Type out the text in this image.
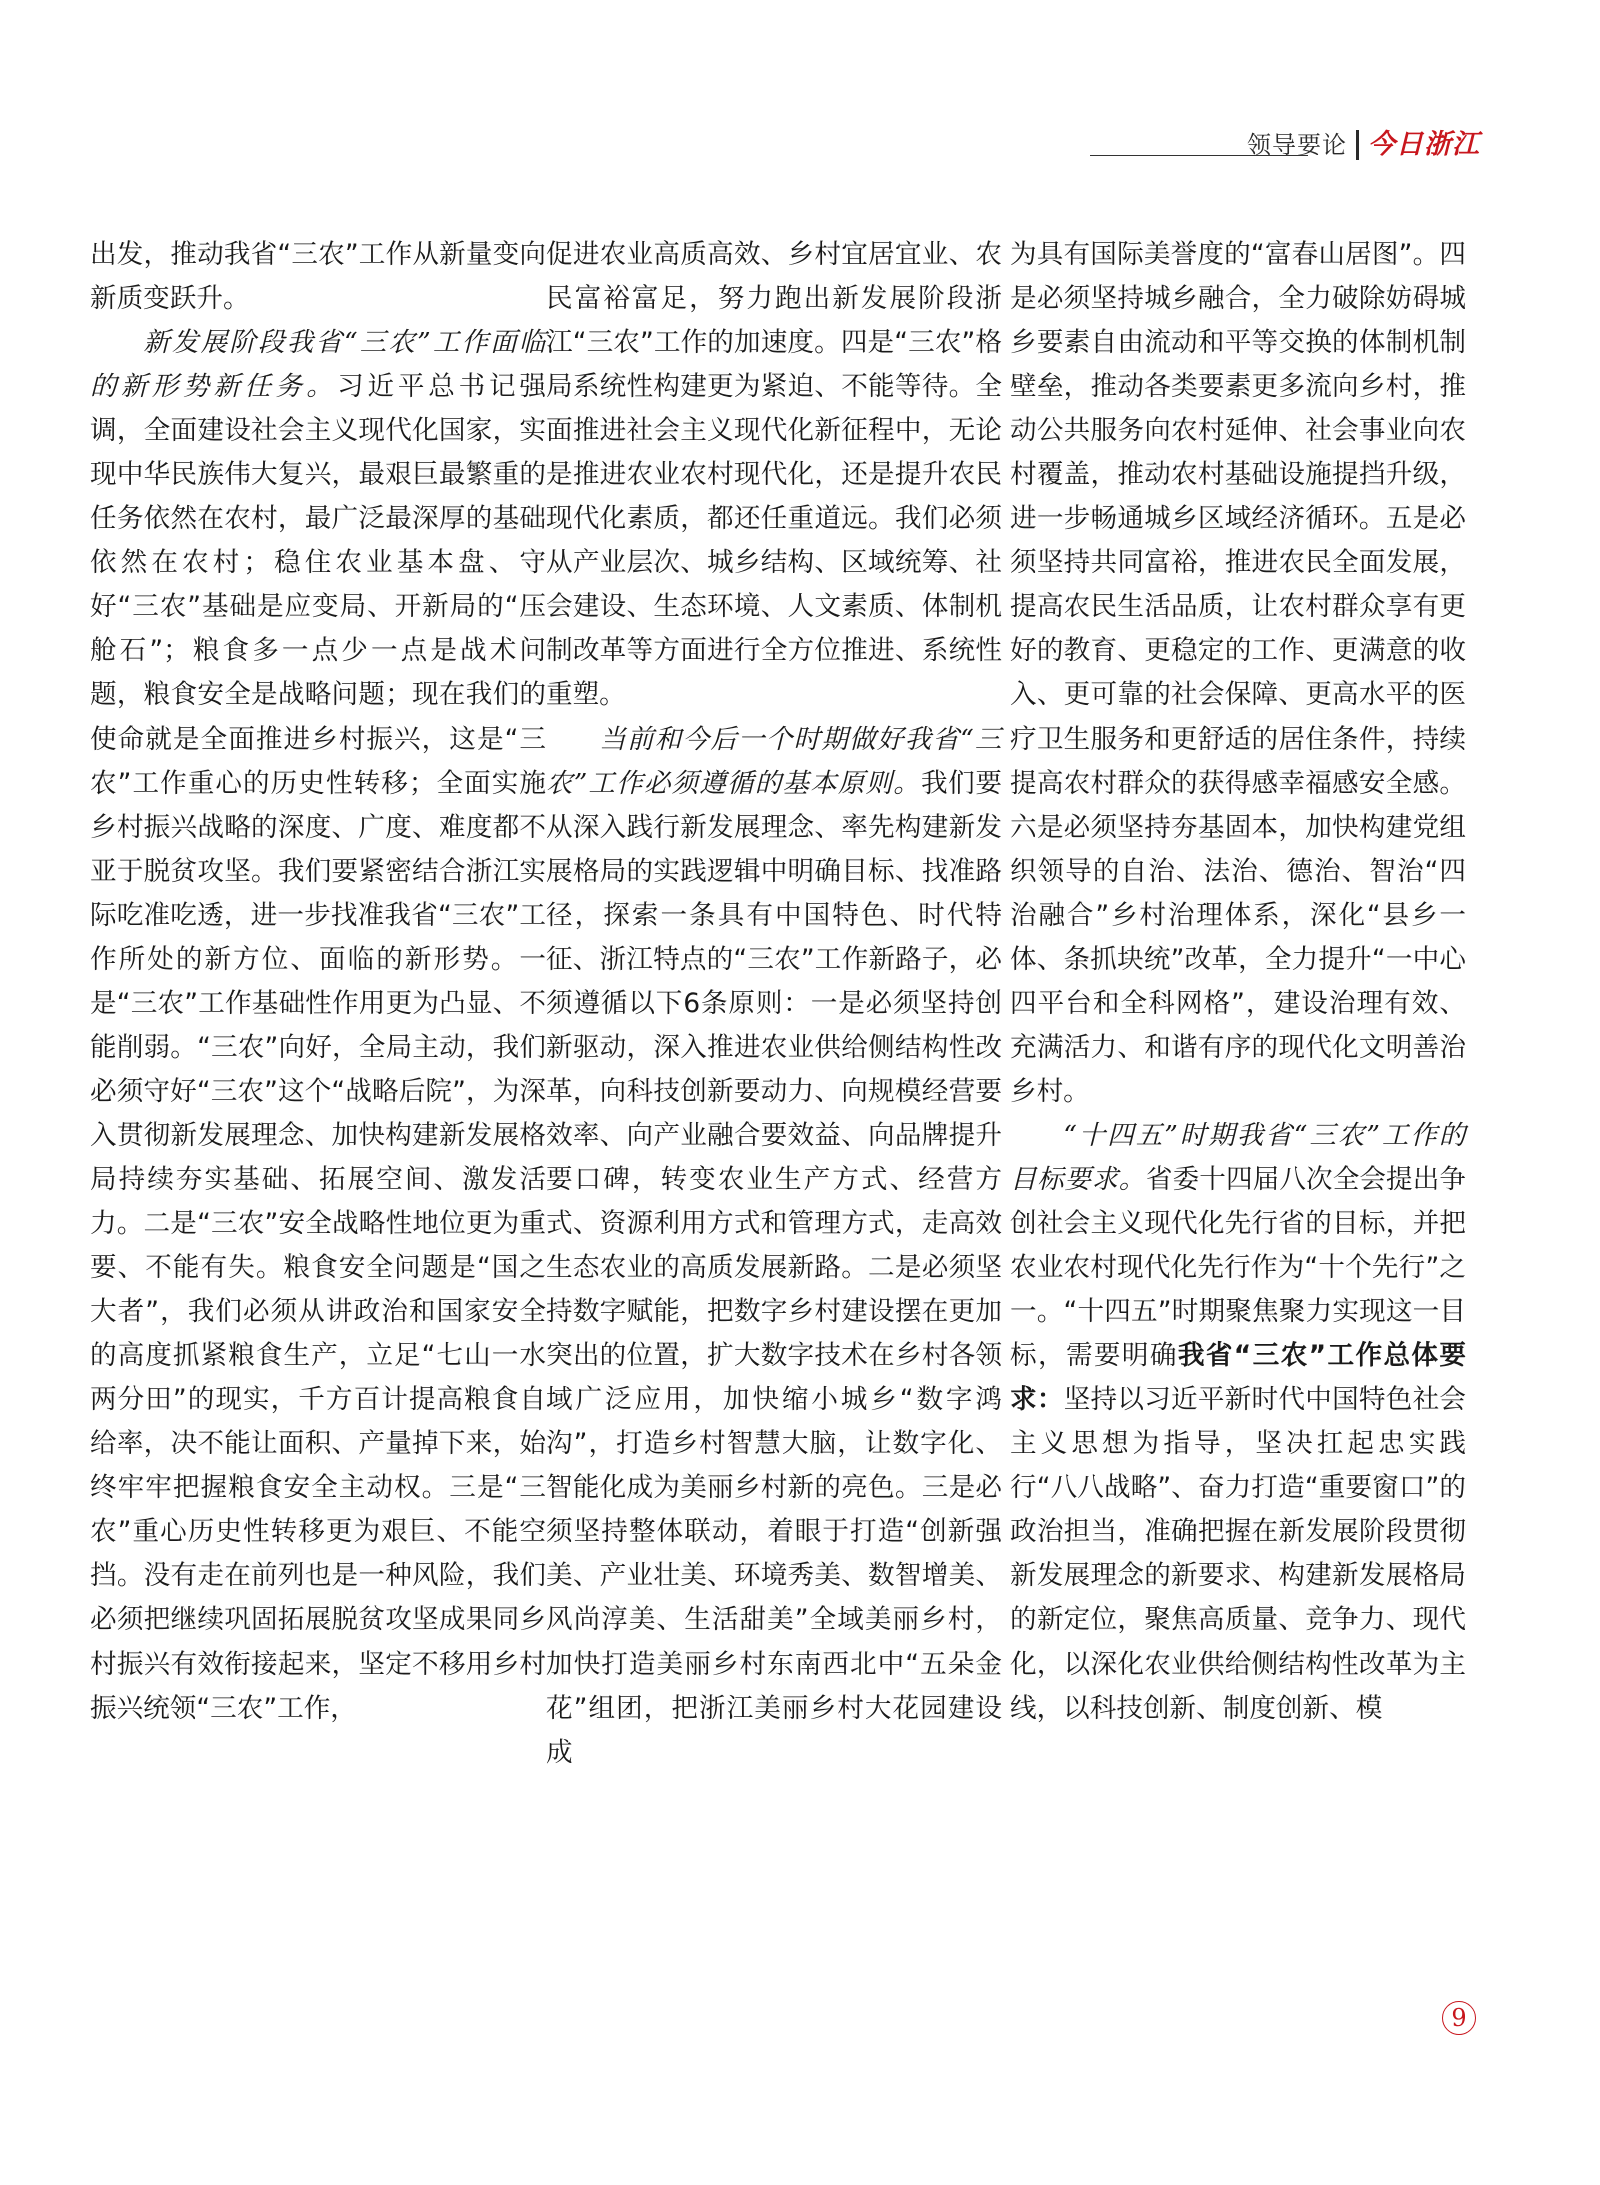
领导要论 今日浙江

出发，推动我省“三农”工作从新量变向新质变跃升。

新发展阶段我省“三农”工作面临的新形势新任务。习近平总书记强调，全面建设社会主义现代化国家，实现中华民族伟大复兴，最艰巨最繁重的任务依然在农村，最广泛最深厚的基础依然在农村；稳住农业基本盘、守好“三农”基础是应变局、开新局的“压舱石”；粮食多一点少一点是战术问题，粮食安全是战略问题；现在我们的使命就是全面推进乡村振兴，这是“三农”工作重心的历史性转移；全面实施乡村振兴战略的深度、广度、难度都不亚于脱贫攻坚。我们要紧密结合浙江实际吃准吃透，进一步找准我省“三农”工作所处的新方位、面临的新形势。一是“三农”工作基础性作用更为凸显、不能削弱。“三农”向好，全局主动，我们必须守好“三农”这个“战略后院”，为深入贯彻新发展理念、加快构建新发展格局持续夯实基础、拓展空间、激发活力。二是“三农”安全战略性地位更为重要、不能有失。粮食安全问题是“国之大者”，我们必须从讲政治和国家安全的高度抓紧粮食生产，立足“七山一水两分田”的现实，千方百计提高粮食自给率，决不能让面积、产量掉下来，始终牢牢把握粮食安全主动权。三是“三农”重心历史性转移更为艰巨、不能空挡。没有走在前列也是一种风险，我们必须把继续巩固拓展脱贫攻坚成果同乡村振兴有效衔接起来，坚定不移用乡村振兴统领“三农”工作，

促进农业高质高效、乡村宜居宜业、农民富裕富足，努力跑出新发展阶段浙江“三农”工作的加速度。四是“三农”格局系统性构建更为紧迫、不能等待。全面推进社会主义现代化新征程中，无论是推进农业农村现代化，还是提升农民现代化素质，都还任重道远。我们必须从产业层次、城乡结构、区域统筹、社会建设、生态环境、人文素质、体制机制改革等方面进行全方位推进、系统性重塑。

当前和今后一个时期做好我省“三农”工作必须遵循的基本原则。我们要从深入践行新发展理念、率先构建新发展格局的实践逻辑中明确目标、找准路径，探索一条具有中国特色、时代特征、浙江特点的“三农”工作新路子，必须遵循以下6条原则：一是必须坚持创新驱动，深入推进农业供给侧结构性改革，向科技创新要动力、向规模经营要效率、向产业融合要效益、向品牌提升要口碑，转变农业生产方式、经营方式、资源利用方式和管理方式，走高效生态农业的高质发展新路。二是必须坚持数字赋能，把数字乡村建设摆在更加突出的位置，扩大数字技术在乡村各领域广泛应用，加快缩小城乡“数字鸿沟”，打造乡村智慧大脑，让数字化、智能化成为美丽乡村新的亮色。三是必须坚持整体联动，着眼于打造“创新强美、产业壮美、环境秀美、数智增美、风尚淳美、生活甜美”全域美丽乡村，加快打造美丽乡村东南西北中“五朵金花”组团，把浙江美丽乡村大花园建设成

为具有国际美誉度的“富春山居图”。四是必须坚持城乡融合，全力破除妨碍城乡要素自由流动和平等交换的体制机制壁垒，推动各类要素更多流向乡村，推动公共服务向农村延伸、社会事业向农村覆盖，推动农村基础设施提挡升级，进一步畅通城乡区域经济循环。五是必须坚持共同富裕，推进农民全面发展，提高农民生活品质，让农村群众享有更好的教育、更稳定的工作、更满意的收入、更可靠的社会保障、更高水平的医疗卫生服务和更舒适的居住条件，持续提高农村群众的获得感幸福感安全感。六是必须坚持夯基固本，加快构建党组织领导的自治、法治、德治、智治“四治融合”乡村治理体系，深化“县乡一体、条抓块统”改革，全力提升“一中心四平台和全科网格”，建设治理有效、充满活力、和谐有序的现代化文明善治乡村。

“十四五”时期我省“三农”工作的目标要求。省委十四届八次全会提出争创社会主义现代化先行省的目标，并把农业农村现代化先行作为“十个先行”之一。“十四五”时期聚焦聚力实现这一目标，需要明确我省“三农”工作总体要求：坚持以习近平新时代中国特色社会主义思想为指导，坚决扛起忠实践行“八八战略”、奋力打造“重要窗口”的政治担当，准确把握在新发展阶段贯彻新发展理念的新要求、构建新发展格局的新定位，聚焦高质量、竞争力、现代化，以深化农业供给侧结构性改革为主线，以科技创新、制度创新、模

9
